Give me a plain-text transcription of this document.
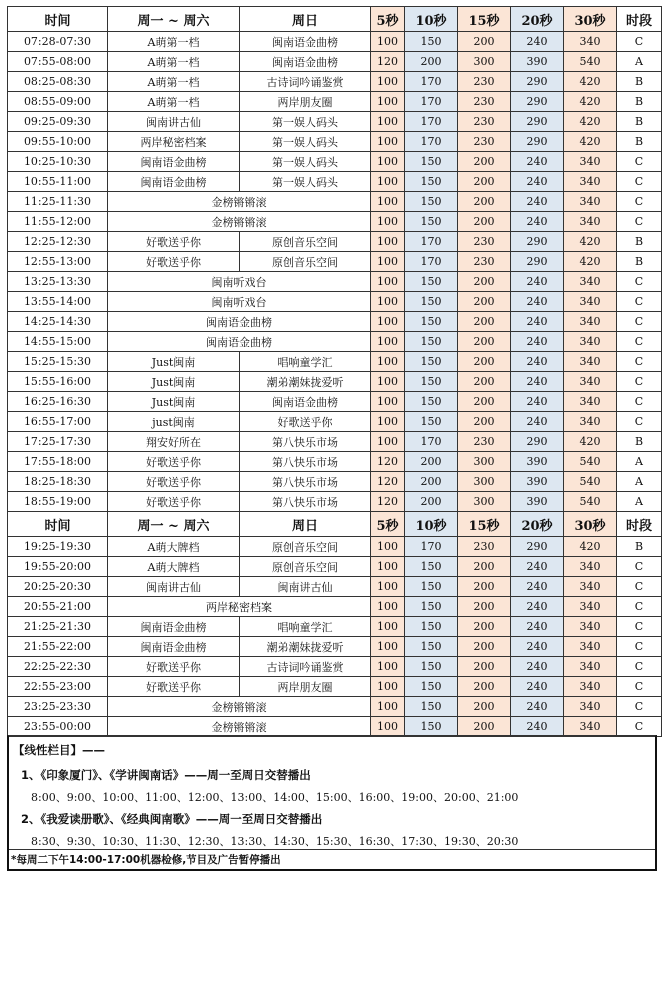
时间	周一 ~ 周六	周日	5秒	10秒	15秒	20秒	30秒	时段
07:28-07:30	A萌第一档	闽南语金曲榜	100	150	200	240	340	C
07:55-08:00	A萌第一档	闽南语金曲榜	120	200	300	390	540	A
08:25-08:30	A萌第一档	古诗词吟诵鉴赏	100	170	230	290	420	B
08:55-09:00	A萌第一档	两岸朋友圈	100	170	230	290	420	B
09:25-09:30	闽南讲古仙	第一娱人码头	100	170	230	290	420	B
09:55-10:00	两岸秘密档案	第一娱人码头	100	170	230	290	420	B
10:25-10:30	闽南语金曲榜	第一娱人码头	100	150	200	240	340	C
10:55-11:00	闽南语金曲榜	第一娱人码头	100	150	200	240	340	C
11:25-11:30	金榜锵锵滚		100	150	200	240	340	C
11:55-12:00	金榜锵锵滚		100	150	200	240	340	C
12:25-12:30	好歌送乎你	原创音乐空间	100	170	230	290	420	B
12:55-13:00	好歌送乎你	原创音乐空间	100	170	230	290	420	B
13:25-13:30	闽南听戏台		100	150	200	240	340	C
13:55-14:00	闽南听戏台		100	150	200	240	340	C
14:25-14:30	闽南语金曲榜		100	150	200	240	340	C
14:55-15:00	闽南语金曲榜		100	150	200	240	340	C
15:25-15:30	Just闽南	唱响童学汇	100	150	200	240	340	C
15:55-16:00	Just闽南	潮弟潮妹拢爱听	100	150	200	240	340	C
16:25-16:30	Just闽南	闽南语金曲榜	100	150	200	240	340	C
16:55-17:00	just闽南	好歌送乎你	100	150	200	240	340	C
17:25-17:30	翔安好所在	第八快乐市场	100	170	230	290	420	B
17:55-18:00	好歌送乎你	第八快乐市场	120	200	300	390	540	A
18:25-18:30	好歌送乎你	第八快乐市场	120	200	300	390	540	A
18:55-19:00	好歌送乎你	第八快乐市场	120	200	300	390	540	A
时间	周一 ~ 周六	周日	5秒	10秒	15秒	20秒	30秒	时段
19:25-19:30	A萌大牌档	原创音乐空间	100	170	230	290	420	B
19:55-20:00	A萌大牌档	原创音乐空间	100	150	200	240	340	C
20:25-20:30	闽南讲古仙	闽南讲古仙	100	150	200	240	340	C
20:55-21:00	两岸秘密档案		100	150	200	240	340	C
21:25-21:30	闽南语金曲榜	唱响童学汇	100	150	200	240	340	C
21:55-22:00	闽南语金曲榜	潮弟潮妹拢爱听	100	150	200	240	340	C
22:25-22:30	好歌送乎你	古诗词吟诵鉴赏	100	150	200	240	340	C
22:55-23:00	好歌送乎你	两岸朋友圈	100	150	200	240	340	C
23:25-23:30	金榜锵锵滚		100	150	200	240	340	C
23:55-00:00	金榜锵锵滚		100	150	200	240	340	C
【线性栏目】——
1、《印象厦门》、《学讲闽南话》——周一至周日交替播出
8:00、9:00、10:00、11:00、12:00、13:00、14:00、15:00、16:00、19:00、20:00、21:00
2、《我爱读册歌》、《经典闽南歌》——周一至周日交替播出
8:30、9:30、10:30、11:30、12:30、13:30、14:30、15:30、16:30、17:30、19:30、20:30
*每周二下午14:00-17:00机器检修,节目及广告暂停播出
